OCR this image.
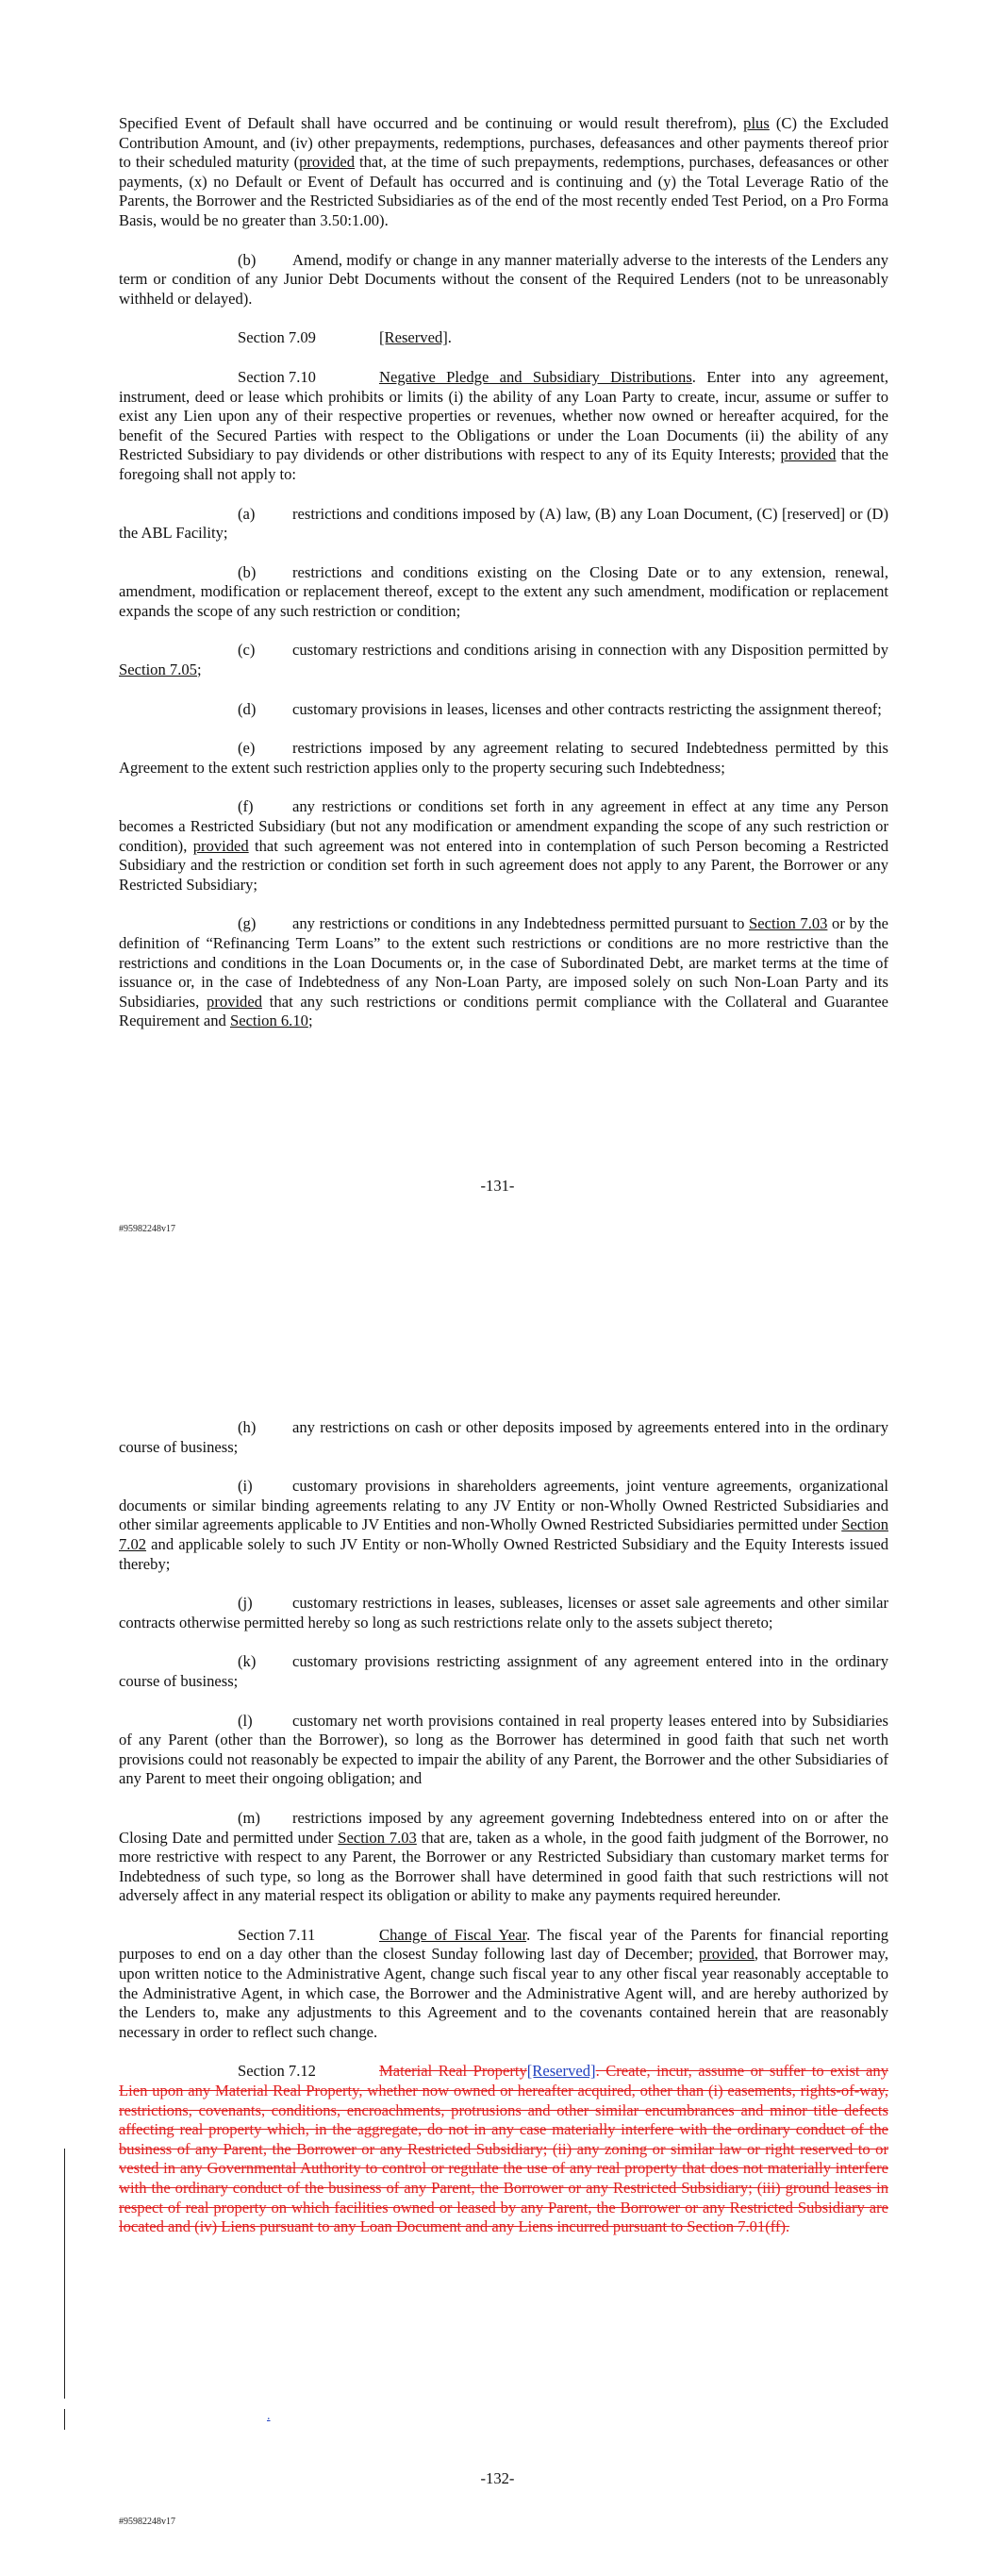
Specified Event of Default shall have occurred and be continuing or would result therefrom), plus (C) the Excluded Contribution Amount, and (iv) other prepayments, redemptions, purchases, defeasances and other payments thereof prior to their scheduled maturity (provided that, at the time of such prepayments, redemptions, purchases, defeasances or other payments, (x) no Default or Event of Default has occurred and is continuing and (y) the Total Leverage Ratio of the Parents, the Borrower and the Restricted Subsidiaries as of the end of the most recently ended Test Period, on a Pro Forma Basis, would be no greater than 3.50:1.00).

(b) Amend, modify or change in any manner materially adverse to the interests of the Lenders any term or condition of any Junior Debt Documents without the consent of the Required Lenders (not to be unreasonably withheld or delayed).

Section 7.09	[Reserved].

Section 7.10	Negative Pledge and Subsidiary Distributions. Enter into any agreement, instrument, deed or lease which prohibits or limits (i) the ability of any Loan Party to create, incur, assume or suffer to exist any Lien upon any of their respective properties or revenues, whether now owned or hereafter acquired, for the benefit of the Secured Parties with respect to the Obligations or under the Loan Documents (ii) the ability of any Restricted Subsidiary to pay dividends or other distributions with respect to any of its Equity Interests; provided that the foregoing shall not apply to:

(a) restrictions and conditions imposed by (A) law, (B) any Loan Document, (C) [reserved] or (D) the ABL Facility;

(b) restrictions and conditions existing on the Closing Date or to any extension, renewal, amendment, modification or replacement thereof, except to the extent any such amendment, modification or replacement expands the scope of any such restriction or condition;

(c) customary restrictions and conditions arising in connection with any Disposition permitted by Section 7.05;

(d) customary provisions in leases, licenses and other contracts restricting the assignment thereof;

(e) restrictions imposed by any agreement relating to secured Indebtedness permitted by this Agreement to the extent such restriction applies only to the property securing such Indebtedness;

(f) any restrictions or conditions set forth in any agreement in effect at any time any Person becomes a Restricted Subsidiary (but not any modification or amendment expanding the scope of any such restriction or condition), provided that such agreement was not entered into in contemplation of such Person becoming a Restricted Subsidiary and the restriction or condition set forth in such agreement does not apply to any Parent, the Borrower or any Restricted Subsidiary;

(g) any restrictions or conditions in any Indebtedness permitted pursuant to Section 7.03 or by the definition of “Refinancing Term Loans” to the extent such restrictions or conditions are no more restrictive than the restrictions and conditions in the Loan Documents or, in the case of Subordinated Debt, are market terms at the time of issuance or, in the case of Indebtedness of any Non-Loan Party, are imposed solely on such Non-Loan Party and its Subsidiaries, provided that any such restrictions or conditions permit compliance with the Collateral and Guarantee Requirement and Section 6.10;

-131-
#95982248v17

(h) any restrictions on cash or other deposits imposed by agreements entered into in the ordinary course of business;

(i)	customary provisions in shareholders agreements, joint venture agreements, organizational documents or similar binding agreements relating to any JV Entity or non-Wholly Owned Restricted Subsidiaries and other similar agreements applicable to JV Entities and non-Wholly Owned Restricted Subsidiaries permitted under Section 7.02 and applicable solely to such JV Entity or non-Wholly Owned Restricted Subsidiary and the Equity Interests issued thereby;

(j)	customary restrictions in leases, subleases, licenses or asset sale agreements and other similar contracts otherwise permitted hereby so long as such restrictions relate only to the assets subject thereto;

(k) customary provisions restricting assignment of any agreement entered into in the ordinary course of business;

(l)	customary net worth provisions contained in real property leases entered into by Subsidiaries of any Parent (other than the Borrower), so long as the Borrower has determined in good faith that such net worth provisions could not reasonably be expected to impair the ability of any Parent, the Borrower and the other Subsidiaries of any Parent to meet their ongoing obligation; and

(m) restrictions imposed by any agreement governing Indebtedness entered into on or after the Closing Date and permitted under Section 7.03 that are, taken as a whole, in the good faith judgment of the Borrower, no more restrictive with respect to any Parent, the Borrower or any Restricted Subsidiary than customary market terms for Indebtedness of such type, so long as the Borrower shall have determined in good faith that such restrictions will not adversely affect in any material respect its obligation or ability to make any payments required hereunder.

Section 7.11	Change of Fiscal Year. The fiscal year of the Parents for financial reporting purposes to end on a day other than the closest Sunday following last day of December; provided, that Borrower may, upon written notice to the Administrative Agent, change such fiscal year to any other fiscal year reasonably acceptable to the Administrative Agent, in which case, the Borrower and the Administrative Agent will, and are hereby authorized by the Lenders to, make any adjustments to this Agreement and to the covenants contained herein that are reasonably necessary in order to reflect such change.

Section 7.12	Material Real Property[Reserved]. Create, incur, assume or suffer to exist any Lien upon any Material Real Property, whether now owned or hereafter acquired, other than (i) easements, rights-of-way, restrictions, covenants, conditions, encroachments, protrusions and other similar encumbrances and minor title defects affecting real property which, in the aggregate, do not in any case materially interfere with the ordinary conduct of the business of any Parent, the Borrower or any Restricted Subsidiary; (ii) any zoning or similar law or right reserved to or vested in any Governmental Authority to control or regulate the use of any real property that does not materially interfere with the ordinary conduct of the business of any Parent, the Borrower or any Restricted Subsidiary; (iii) ground leases in respect of real property on which facilities owned or leased by any Parent, the Borrower or any Restricted Subsidiary are located and (iv) Liens pursuant to any Loan Document and any Liens incurred pursuant to Section 7.01(ff).

.
-132-
#95982248v17
